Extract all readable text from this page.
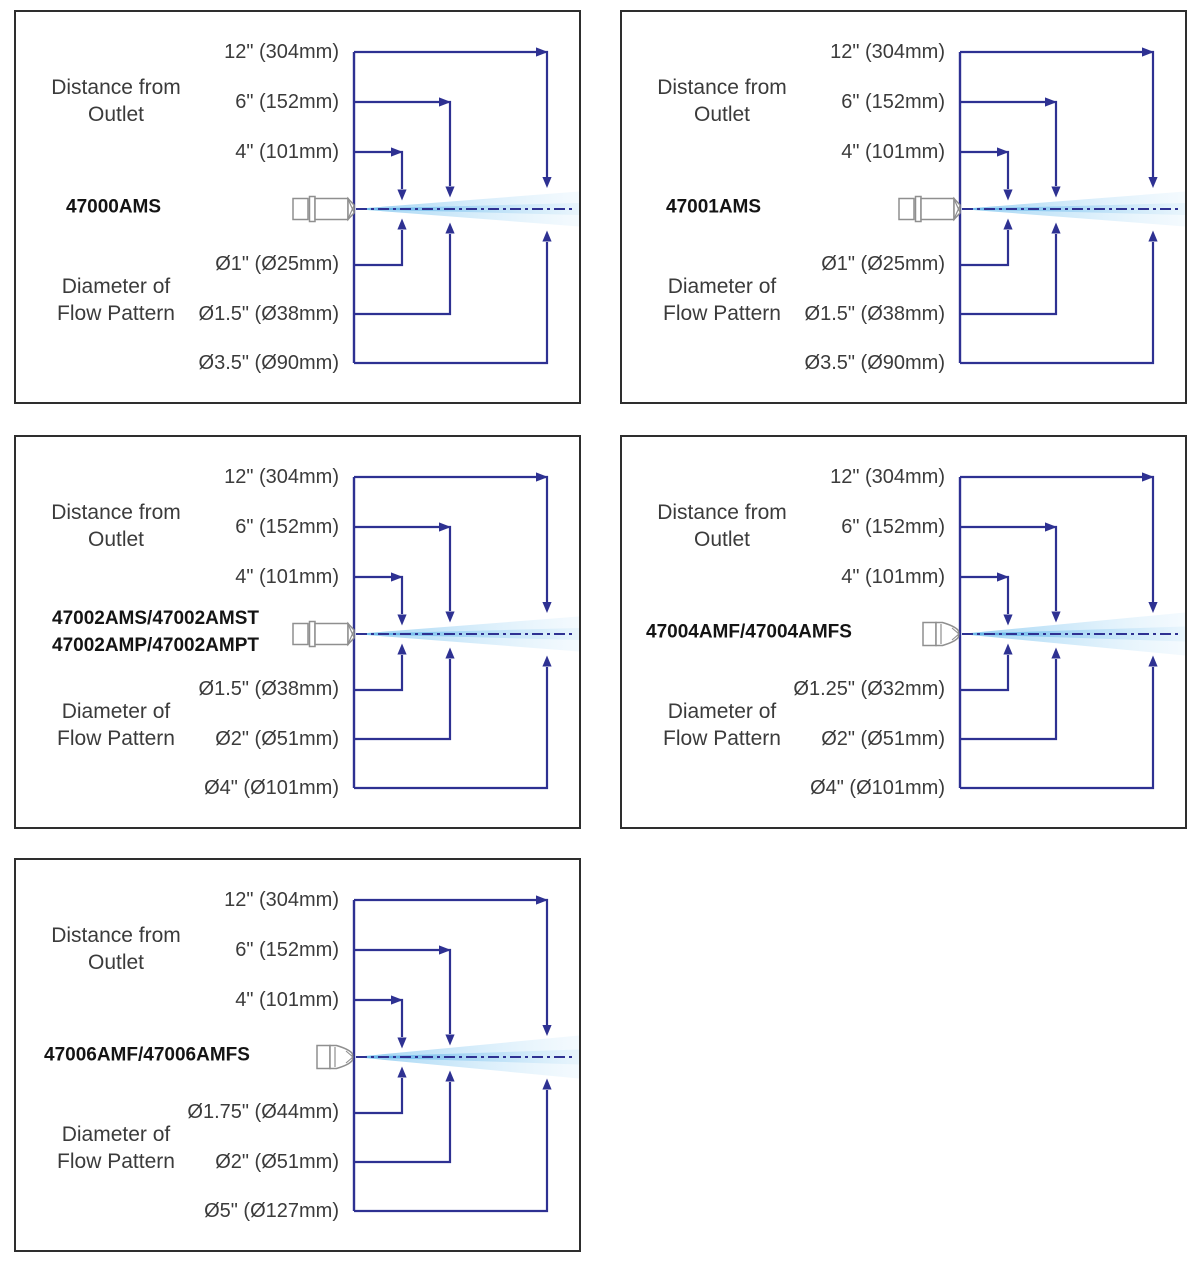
Distance from
Outlet
Diameter of
Flow Pattern
47000AMS
12" (304mm)
6" (152mm)
4" (101mm)
Ø1" (Ø25mm)
Ø1.5" (Ø38mm)
Ø3.5" (Ø90mm)
Distance from
Outlet
Diameter of
Flow Pattern
47001AMS
12" (304mm)
6" (152mm)
4" (101mm)
Ø1" (Ø25mm)
Ø1.5" (Ø38mm)
Ø3.5" (Ø90mm)
Distance from
Outlet
Diameter of
Flow Pattern
47002AMS/47002AMST
47002AMP/47002AMPT
12" (304mm)
6" (152mm)
4" (101mm)
Ø1.5" (Ø38mm)
Ø2" (Ø51mm)
Ø4" (Ø101mm)
Distance from
Outlet
Diameter of
Flow Pattern
47004AMF/47004AMFS
12" (304mm)
6" (152mm)
4" (101mm)
Ø1.25" (Ø32mm)
Ø2" (Ø51mm)
Ø4" (Ø101mm)
Distance from
Outlet
Diameter of
Flow Pattern
47006AMF/47006AMFS
12" (304mm)
6" (152mm)
4" (101mm)
Ø1.75" (Ø44mm)
Ø2" (Ø51mm)
Ø5" (Ø127mm)
